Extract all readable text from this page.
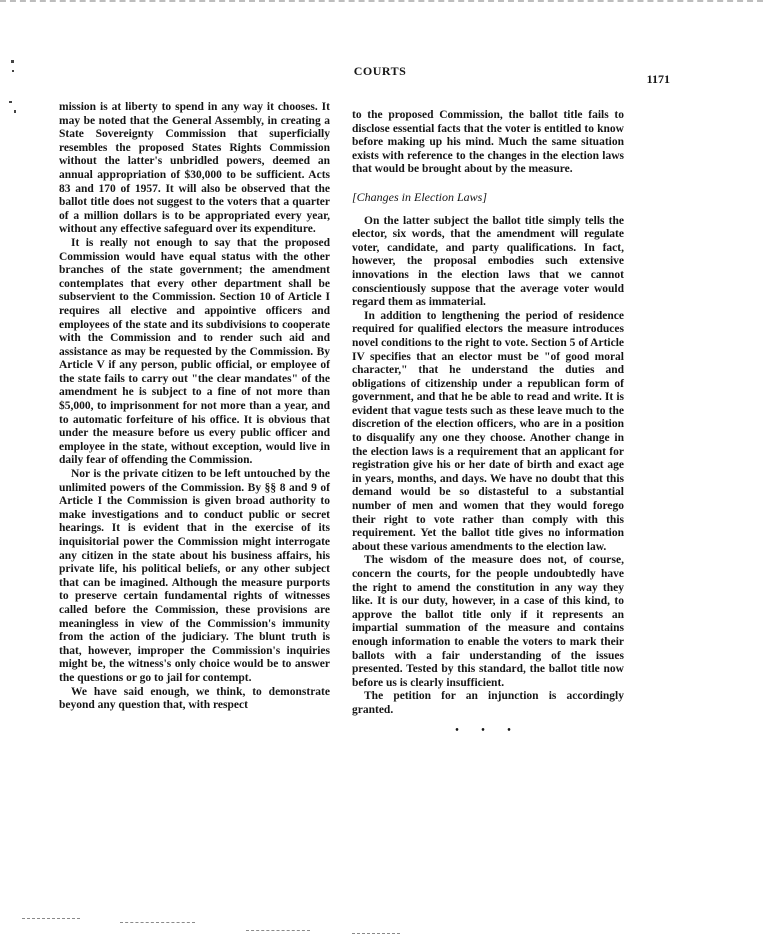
COURTS
1171

mission is at liberty to spend in any way it chooses. It may be noted that the General Assembly, in creating a State Sovereignty Commission that superficially resembles the proposed States Rights Commission without the latter's unbridled powers, deemed an annual appropriation of $30,000 to be sufficient. Acts 83 and 170 of 1957. It will also be observed that the ballot title does not suggest to the voters that a quarter of a million dollars is to be appropriated every year, without any effective safeguard over its expenditure.

It is really not enough to say that the proposed Commission would have equal status with the other branches of the state government; the amendment contemplates that every other department shall be subservient to the Commission. Section 10 of Article I requires all elective and appointive officers and employees of the state and its subdivisions to cooperate with the Commission and to render such aid and assistance as may be requested by the Commission. By Article V if any person, public official, or employee of the state fails to carry out "the clear mandates" of the amendment he is subject to a fine of not more than $5,000, to imprisonment for not more than a year, and to automatic forfeiture of his office. It is obvious that under the measure before us every public officer and employee in the state, without exception, would live in daily fear of offending the Commission.

Nor is the private citizen to be left untouched by the unlimited powers of the Commission. By §§ 8 and 9 of Article I the Commission is given broad authority to make investigations and to conduct public or secret hearings. It is evident that in the exercise of its inquisitorial power the Commission might interrogate any citizen in the state about his business affairs, his private life, his political beliefs, or any other subject that can be imagined. Although the measure purports to preserve certain fundamental rights of witnesses called before the Commission, these provisions are meaningless in view of the Commission's immunity from the action of the judiciary. The blunt truth is that, however, improper the Commission's inquiries might be, the witness's only choice would be to answer the questions or go to jail for contempt.

We have said enough, we think, to demonstrate beyond any question that, with respect

to the proposed Commission, the ballot title fails to disclose essential facts that the voter is entitled to know before making up his mind. Much the same situation exists with reference to the changes in the election laws that would be brought about by the measure.

[Changes in Election Laws]

On the latter subject the ballot title simply tells the elector, six words, that the amendment will regulate voter, candidate, and party qualifications. In fact, however, the proposal embodies such extensive innovations in the election laws that we cannot conscientiously suppose that the average voter would regard them as immaterial.

In addition to lengthening the period of residence required for qualified electors the measure introduces novel conditions to the right to vote. Section 5 of Article IV specifies that an elector must be "of good moral character," that he understand the duties and obligations of citizenship under a republican form of government, and that he be able to read and write. It is evident that vague tests such as these leave much to the discretion of the election officers, who are in a position to disqualify any one they choose. Another change in the election laws is a requirement that an applicant for registration give his or her date of birth and exact age in years, months, and days. We have no doubt that this demand would be so distasteful to a substantial number of men and women that they would forego their right to vote rather than comply with this requirement. Yet the ballot title gives no information about these various amendments to the election law.

The wisdom of the measure does not, of course, concern the courts, for the people undoubtedly have the right to amend the constitution in any way they like. It is our duty, however, in a case of this kind, to approve the ballot title only if it represents an impartial summation of the measure and contains enough information to enable the voters to mark their ballots with a fair understanding of the issues presented. Tested by this standard, the ballot title now before us is clearly insufficient.

The petition for an injunction is accordingly granted.

• • •
